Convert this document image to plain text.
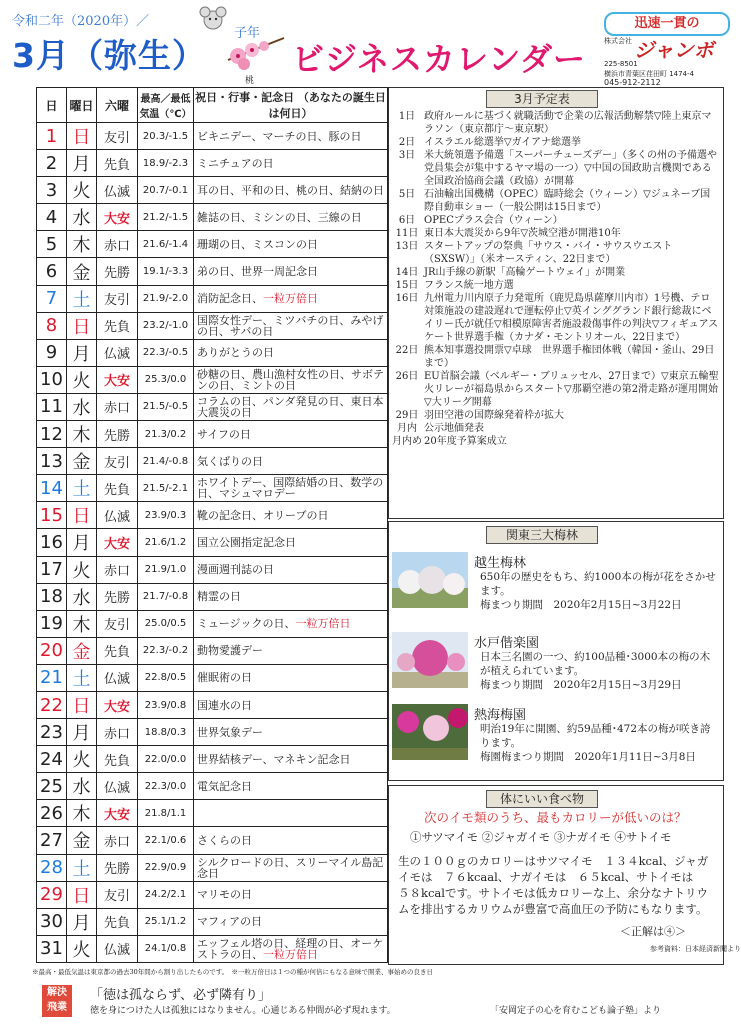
令和二年（2020年）／
子年
3月（弥生）
桃
ビジネスカレンダー
迅速一貫の
株式会社 ジャンボ
225-8501
横浜市青葉区荏田町 1474-4
045-912-2112
日	曜日	六曜	最高／最低 気温（℃）	祝日・行事・記念日 （あなたの誕生日は何日）
1	日	友引	20.3/-1.5	ビキニデー、マーチの日、豚の日
2	月	先負	18.9/-2.3	ミニチュアの日
3	火	仏滅	20.7/-0.1	耳の日、平和の日、桃の日、結納の日
4	水	大安	21.2/-1.5	雑誌の日、ミシンの日、三線の日
5	木	赤口	21.6/-1.4	珊瑚の日、ミスコンの日
6	金	先勝	19.1/-3.3	弟の日、世界一周記念日
7	土	友引	21.9/-2.0	消防記念日、一粒万倍日
8	日	先負	23.2/-1.0	国際女性デー、ミツバチの日、みやげの日、サバの日
9	月	仏滅	22.3/-0.5	ありがとうの日
10	火	大安	25.3/0.0	砂糖の日、農山漁村女性の日、サボテンの日、ミントの日
11	水	赤口	21.5/-0.5	コラムの日、パンダ発見の日、東日本大震災の日
12	木	先勝	21.3/0.2	サイフの日
13	金	友引	21.4/-0.8	気くばりの日
14	土	先負	21.5/-2.1	ホワイトデー、国際結婚の日、数学の日、マシュマロデー
15	日	仏滅	23.9/0.3	靴の記念日、オリーブの日
16	月	大安	21.6/1.2	国立公園指定記念日
17	火	赤口	21.9/1.0	漫画週刊誌の日
18	水	先勝	21.7/-0.8	精霊の日
19	木	友引	25.0/0.5	ミュージックの日、一粒万倍日
20	金	先負	22.3/-0.2	動物愛護デー
21	土	仏滅	22.8/0.5	催眠術の日
22	日	大安	23.9/0.8	国連水の日
23	月	赤口	18.8/0.3	世界気象デー
24	火	先負	22.0/0.0	世界結核デー、マネキン記念日
25	水	仏滅	22.3/0.0	電気記念日
26	木	大安	21.8/1.1	
27	金	赤口	22.1/0.6	さくらの日
28	土	先勝	22.9/0.9	シルクロードの日、スリーマイル島記念日
29	日	友引	24.2/2.1	マリモの日
30	月	先負	25.1/1.2	マフィアの日
31	火	仏滅	24.1/0.8	エッフェル塔の日、経理の日、オーケストラの日、一粒万倍日
3月予定表
1日 政府ルールに基づく就職活動で企業の広報活動解禁▽陸上東京マラソン（東京都庁～東京駅）
2日 イスラエル総選挙▽ガイアナ総選挙
3日 米大統領選予備選「スーパーチューズデー」（多くの州の予備選や党員集会が集中するヤマ場の一つ）▽中国の国政助言機関である全国政治協商会議（政協）が開幕
5日 石油輸出国機構（OPEC）臨時総会（ウィーン）▽ジュネーブ国際自動車ショー（一般公開は15日まで）
6日 OPECプラス会合（ウィーン）
11日 東日本大震災から9年▽茨城空港が開港10年
13日 スタートアップの祭典「サウス・バイ・サウスウエスト（SXSW）」（米オースティン、22日まで）
14日 JR山手線の新駅「高輪ゲートウェイ」が開業
15日 フランス統一地方選
16日 九州電力川内原子力発電所（鹿児島県薩摩川内市）1号機、テロ対策施設の建設遅れで運転停止▽英インググランド銀行総裁にベイリー氏が就任▽相模原障害者施設殺傷事件の判決▽フィギュアスケート世界選手権（カナダ・モントリオール、22日まで）
22日 熊本知事選投開票▽卓球　世界選手権団体戦（韓国・釜山、29日まで）
26日 EU首脳会議（ベルギー・ブリュッセル、27日まで）▽東京五輪聖火リレーが福島県からスタート▽那覇空港の第2滑走路が運用開始▽大リーグ開幕
29日 羽田空港の国際線発着枠が拡大
月内 公示地価発表
月内め 20年度予算案成立
関東三大梅林
越生梅林
650年の歴史をもち、約1000本の梅が花をさかせます。
梅まつり期間　2020年2月15日~3月22日
水戸偕楽園
日本三名園の一つ、約100品種･3000本の梅の木が植えられています。
梅まつり期間　2020年2月15日~3月29日
熱海梅園
明治19年に開園、約59品種･472本の梅が咲き誇ります。
梅園梅まつり期間　2020年1月11日~3月8日
体にいい食べ物
次のイモ類のうち、最もカロリーが低いのは？
①サツマイモ ②ジャガイモ ③ナガイモ ④サトイモ
生の１００ｇのカロリーはサツマイモ　１３４kcal、ジャガイモは　７６kcaal、ナガイモは　６５kcal、サトイモは　５８kcalです。サトイモは低カロリーな上、余分なナトリウムを排出するカリウムが豊富で高血圧の予防にもなります。
＜正解は④＞
参考資料：日本経済新聞より
※最高・最低気温は東京都の過去30年間から割り出したものです。　※一粒万倍日は１つの種が何倍にもなる意味で開業、事始めの良き日
解決 飛業
「徳は孤ならず、必ず隣有り」
徳を身につけた人は孤独にはなりません。心通じある仲間が必ず現れます。	「安岡定子の心を育むこども論子塾」より
